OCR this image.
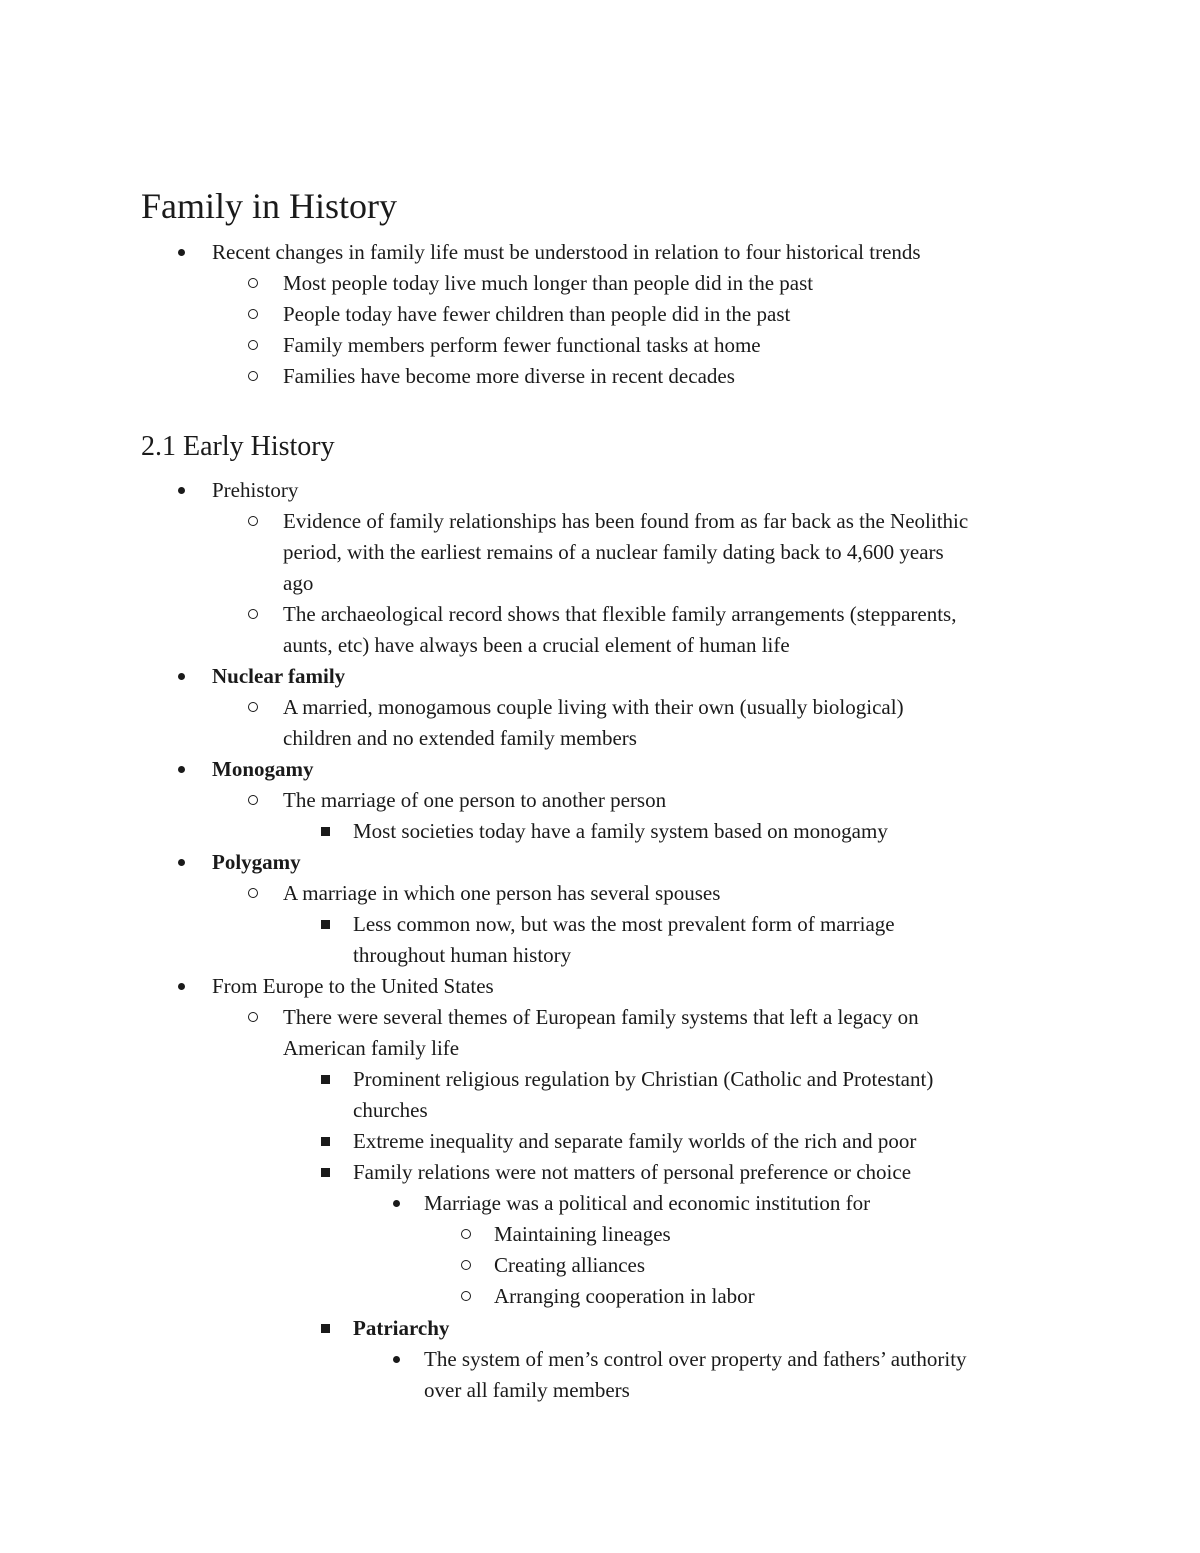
Family in History
Recent changes in family life must be understood in relation to four historical trends
Most people today live much longer than people did in the past
People today have fewer children than people did in the past
Family members perform fewer functional tasks at home
Families have become more diverse in recent decades
2.1 Early History
Prehistory
Evidence of family relationships has been found from as far back as the Neolithic
period, with the earliest remains of a nuclear family dating back to 4,600 years
ago
The archaeological record shows that flexible family arrangements (stepparents,
aunts, etc) have always been a crucial element of human life
Nuclear family
A married, monogamous couple living with their own (usually biological)
children and no extended family members
Monogamy
The marriage of one person to another person
Most societies today have a family system based on monogamy
Polygamy
A marriage in which one person has several spouses
Less common now, but was the most prevalent form of marriage
throughout human history
From Europe to the United States
There were several themes of European family systems that left a legacy on
American family life
Prominent religious regulation by Christian (Catholic and Protestant)
churches
Extreme inequality and separate family worlds of the rich and poor
Family relations were not matters of personal preference or choice
Marriage was a political and economic institution for
Maintaining lineages
Creating alliances
Arranging cooperation in labor
Patriarchy
The system of men’s control over property and fathers’ authority
over all family members
